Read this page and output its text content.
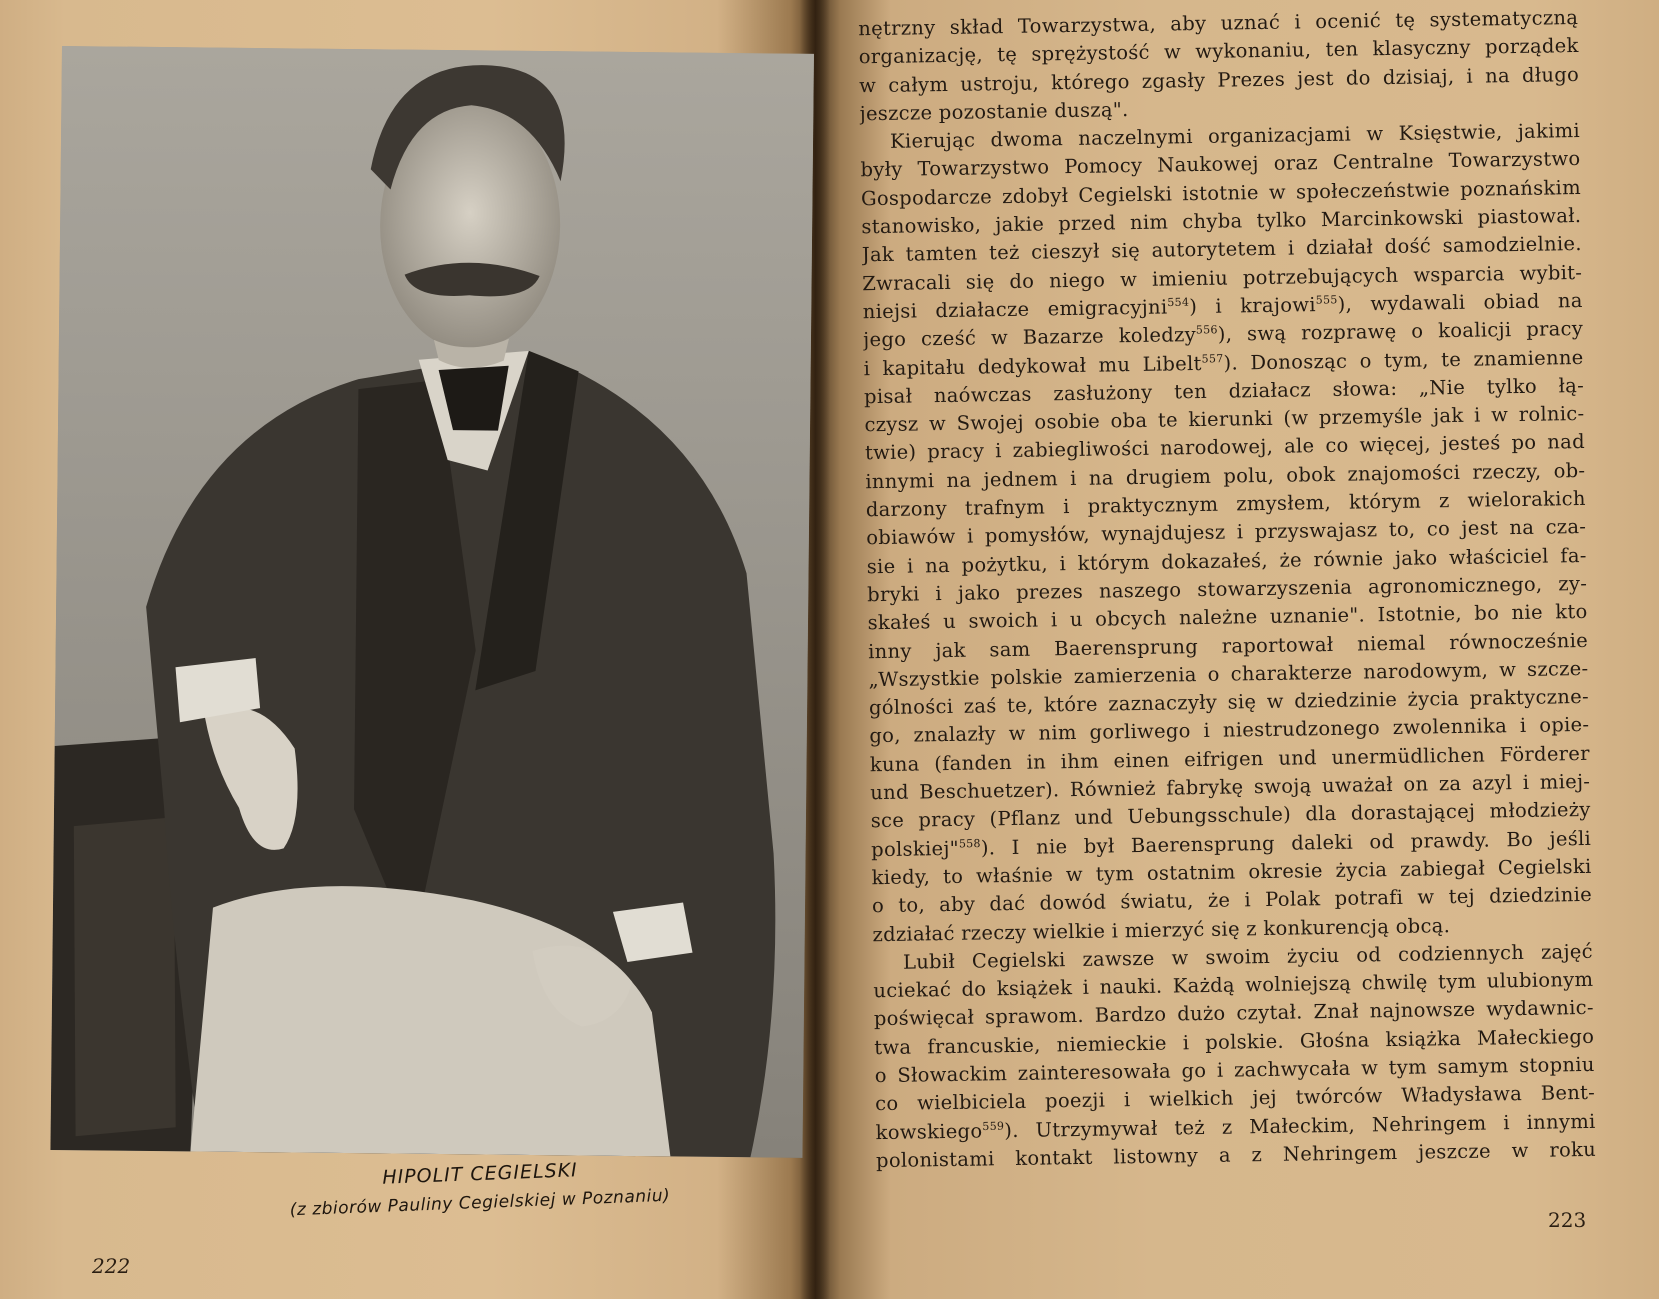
HIPOLIT CEGIELSKI
(z zbiorów Pauliny Cegielskiej w Poznaniu)
222
nętrzny skład Towarzystwa, aby uznać i ocenić tę systematyczną
organizację, tę sprężystość w wykonaniu, ten klasyczny porządek
w całym ustroju, którego zgasły Prezes jest do dzisiaj, i na długo
jeszcze pozostanie duszą".
Kierując dwoma naczelnymi organizacjami w Księstwie, jakimi
były Towarzystwo Pomocy Naukowej oraz Centralne Towarzystwo
Gospodarcze zdobył Cegielski istotnie w społeczeństwie poznańskim
stanowisko, jakie przed nim chyba tylko Marcinkowski piastował.
Jak tamten też cieszył się autorytetem i działał dość samodzielnie.
Zwracali się do niego w imieniu potrzebujących wsparcia wybit-
niejsi działacze emigracyjni$^{554}$) i krajowi$^{555}$), wydawali obiad na
jego cześć w Bazarze koledzy$^{556}$), swą rozprawę o koalicji pracy
i kapitału dedykował mu Libelt$^{557}$). Donosząc o tym, te znamienne
pisał naówczas zasłużony ten działacz słowa: „Nie tylko łą-
czysz w Swojej osobie oba te kierunki (w przemyśle jak i w rolnic-
twie) pracy i zabiegliwości narodowej, ale co więcej, jesteś po nad
innymi na jednem i na drugiem polu, obok znajomości rzeczy, ob-
darzony trafnym i praktycznym zmysłem, którym z wielorakich
obiawów i pomysłów, wynajdujesz i przyswajasz to, co jest na cza-
sie i na pożytku, i którym dokazałeś, że równie jako właściciel fa-
bryki i jako prezes naszego stowarzyszenia agronomicznego, zy-
skałeś u swoich i u obcych należne uznanie". Istotnie, bo nie kto
inny jak sam Baerensprung raportował niemal równocześnie
„Wszystkie polskie zamierzenia o charakterze narodowym, w szcze-
gólności zaś te, które zaznaczyły się w dziedzinie życia praktyczne-
go, znalazły w nim gorliwego i niestrudzonego zwolennika i opie-
kuna (fanden in ihm einen eifrigen und unermüdlichen Förderer
und Beschuetzer). Również fabrykę swoją uważał on za azyl i miej-
sce pracy (Pflanz und Uebungsschule) dla dorastającej młodzieży
polskiej"$^{558}$). I nie był Baerensprung daleki od prawdy. Bo jeśli
kiedy, to właśnie w tym ostatnim okresie życia zabiegał Cegielski
o to, aby dać dowód światu, że i Polak potrafi w tej dziedzinie
zdziałać rzeczy wielkie i mierzyć się z konkurencją obcą.
Lubił Cegielski zawsze w swoim życiu od codziennych zajęć
uciekać do książek i nauki. Każdą wolniejszą chwilę tym ulubionym
poświęcał sprawom. Bardzo dużo czytał. Znał najnowsze wydawnic-
twa francuskie, niemieckie i polskie. Głośna książka Małeckiego
o Słowackim zainteresowała go i zachwycała w tym samym stopniu
co wielbiciela poezji i wielkich jej twórców Władysława Bent-
kowskiego$^{559}$). Utrzymywał też z Małeckim, Nehringem i innymi
polonistami kontakt listowny a z Nehringem jeszcze w roku
223
